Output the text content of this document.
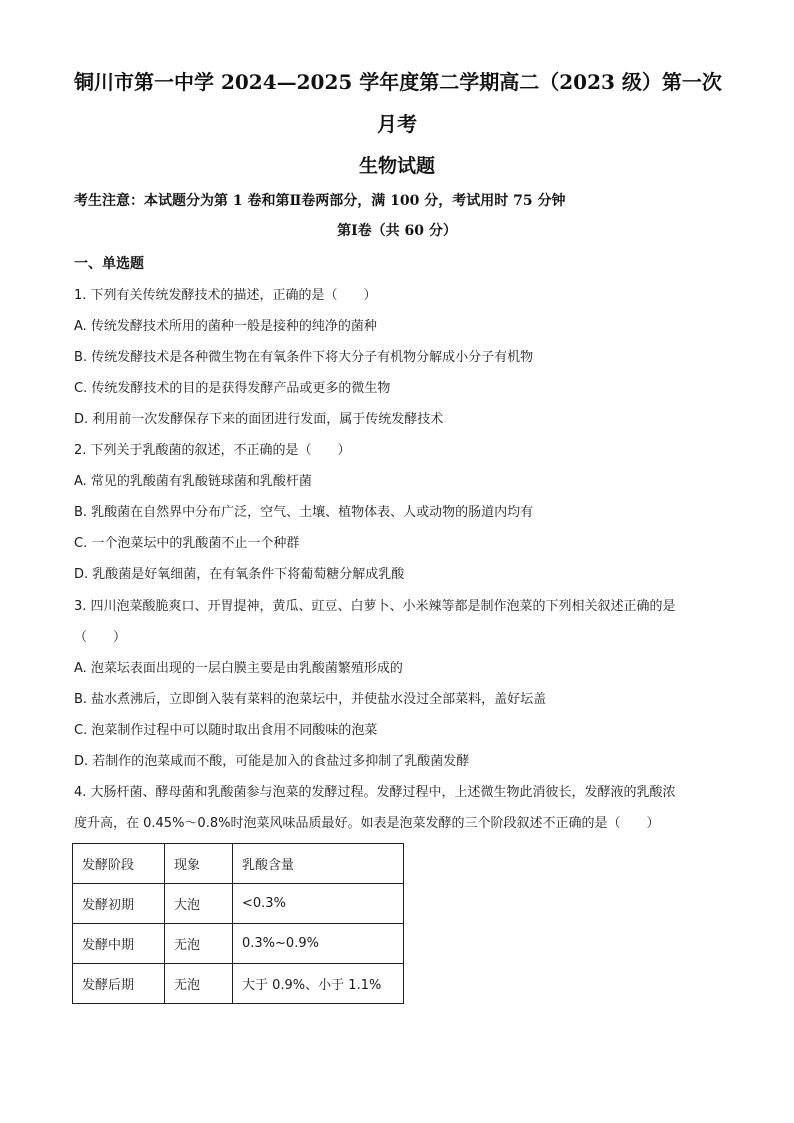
铜川市第一中学 2024—2025 学年度第二学期高二（2023 级）第一次
月考
生物试题
考生注意：本试题分为第 1 卷和第Ⅱ卷两部分，满 100 分，考试用时 75 分钟
第Ⅰ卷（共 60 分）
一、单选题
1. 下列有关传统发酵技术的描述，正确的是（　　）
A. 传统发酵技术所用的菌种一般是接种的纯净的菌种
B. 传统发酵技术是各种微生物在有氧条件下将大分子有机物分解成小分子有机物
C. 传统发酵技术的目的是获得发酵产品或更多的微生物
D. 利用前一次发酵保存下来的面团进行发面，属于传统发酵技术
2. 下列关于乳酸菌的叙述，不正确的是（　　）
A. 常见的乳酸菌有乳酸链球菌和乳酸杆菌
B. 乳酸菌在自然界中分布广泛，空气、土壤、植物体表、人或动物的肠道内均有
C. 一个泡菜坛中的乳酸菌不止一个种群
D. 乳酸菌是好氧细菌，在有氧条件下将葡萄糖分解成乳酸
3. 四川泡菜酸脆爽口、开胃提神，黄瓜、豇豆、白萝卜、小米辣等都是制作泡菜的下列相关叙述正确的是
（　　）
A. 泡菜坛表面出现的一层白膜主要是由乳酸菌繁殖形成的
B. 盐水煮沸后，立即倒入装有菜料的泡菜坛中，并使盐水没过全部菜料，盖好坛盖
C. 泡菜制作过程中可以随时取出食用不同酸味的泡菜
D. 若制作的泡菜咸而不酸，可能是加入的食盐过多抑制了乳酸菌发酵
4. 大肠杆菌、酵母菌和乳酸菌参与泡菜的发酵过程。发酵过程中，上述微生物此消彼长，发酵液的乳酸浓
度升高，在 0.45%～0.8%时泡菜风味品质最好。如表是泡菜发酵的三个阶段叙述不正确的是（　　）
发酵阶段	现象	乳酸含量
发酵初期	大泡	<0.3%
发酵中期	无泡	0.3%~0.9%
发酵后期	无泡	大于 0.9%、小于 1.1%
